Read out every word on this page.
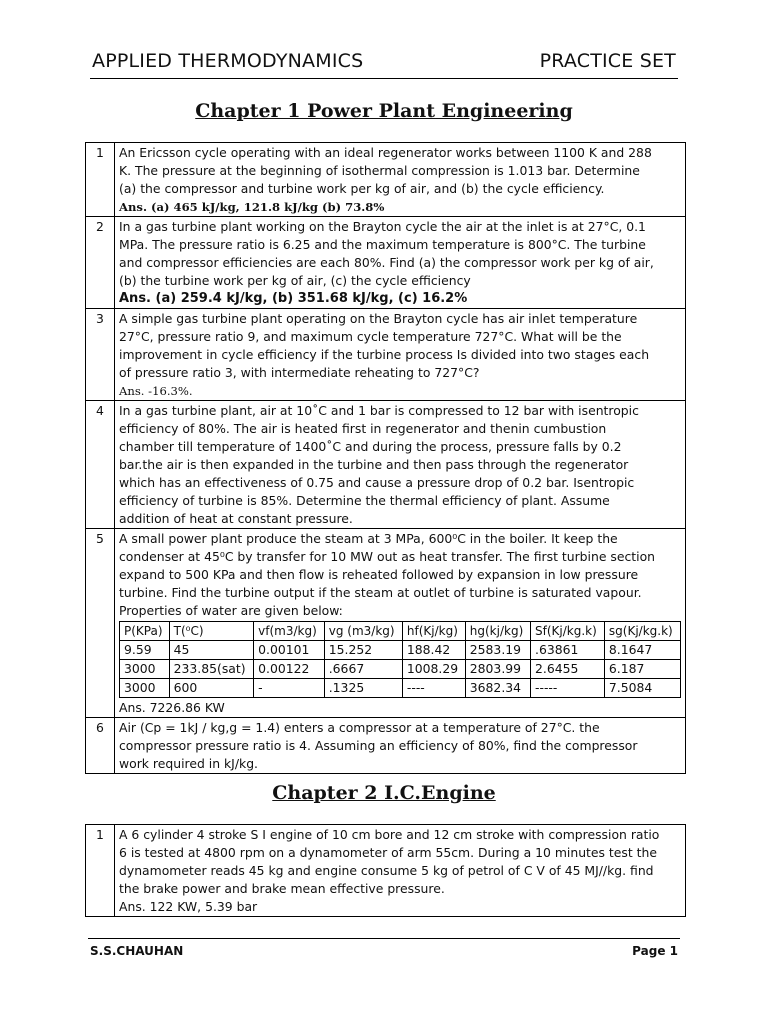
APPLIED THERMODYNAMICS	PRACTICE SET
Chapter 1 Power Plant Engineering
1	An Ericsson cycle operating with an ideal regenerator works between 1100 K and 288
K. The pressure at the beginning of isothermal compression is 1.013 bar. Determine
(a) the compressor and turbine work per kg of air, and (b) the cycle efficiency.
Ans. (a) 465 kJ/kg, 121.8 kJ/kg (b) 73.8%

2	In a gas turbine plant working on the Brayton cycle the air at the inlet is at 27°C, 0.1
MPa. The pressure ratio is 6.25 and the maximum temperature is 800°C. The turbine
and compressor efficiencies are each 80%. Find (a) the compressor work per kg of air,
(b) the turbine work per kg of air, (c) the cycle efficiency
Ans. (a) 259.4 kJ/kg, (b) 351.68 kJ/kg, (c) 16.2%

3	A simple gas turbine plant operating on the Brayton cycle has air inlet temperature
27°C, pressure ratio 9, and maximum cycle temperature 727°C. What will be the
improvement in cycle efficiency if the turbine process Is divided into two stages each
of pressure ratio 3, with intermediate reheating to 727°C?
Ans. -16.3%.

4	In a gas turbine plant, air at 10˚C and 1 bar is compressed to 12 bar with isentropic
efficiency of 80%. The air is heated first in regenerator and thenin cumbustion
chamber till temperature of 1400˚C and during the process, pressure falls by 0.2
bar.the air is then expanded in the turbine and then pass through the regenerator
which has an effectiveness of 0.75 and cause a pressure drop of 0.2 bar. Isentropic
efficiency of turbine is 85%. Determine the thermal efficiency of plant. Assume
addition of heat at constant pressure.

5	A small power plant produce the steam at 3 MPa, 600⁰C in the boiler. It keep the
condenser at 45⁰C by transfer for 10 MW out as heat transfer. The first turbine section
expand to 500 KPa and then flow is reheated followed by expansion in low pressure
turbine. Find the turbine output if the steam at outlet of turbine is saturated vapour.
Properties of water are given below:
P(KPa)	T(⁰C)	vf(m3/kg)	vg (m3/kg)	hf(Kj/kg)	hg(kj/kg)	Sf(Kj/kg.k)	sg(Kj/kg.k)
9.59	45	0.00101	15.252	188.42	2583.19	.63861	8.1647
3000	233.85(sat)	0.00122	.6667	1008.29	2803.99	2.6455	6.187
3000	600	-	.1325	----	3682.34	-----	7.5084
Ans. 7226.86 KW

6	Air (Cp = 1kJ / kg,g = 1.4) enters a compressor at a temperature of 27°C. the
compressor pressure ratio is 4. Assuming an efficiency of 80%, find the compressor
work required in kJ/kg.
Chapter 2 I.C.Engine
1	A 6 cylinder 4 stroke S I engine of 10 cm bore and 12 cm stroke with compression ratio
6 is tested at 4800 rpm on a dynamometer of arm 55cm. During a 10 minutes test the
dynamometer reads 45 kg and engine consume 5 kg of petrol of C V of 45 MJ//kg. find
the brake power and brake mean effective pressure.
Ans. 122 KW, 5.39 bar
S.S.CHAUHAN	Page 1
